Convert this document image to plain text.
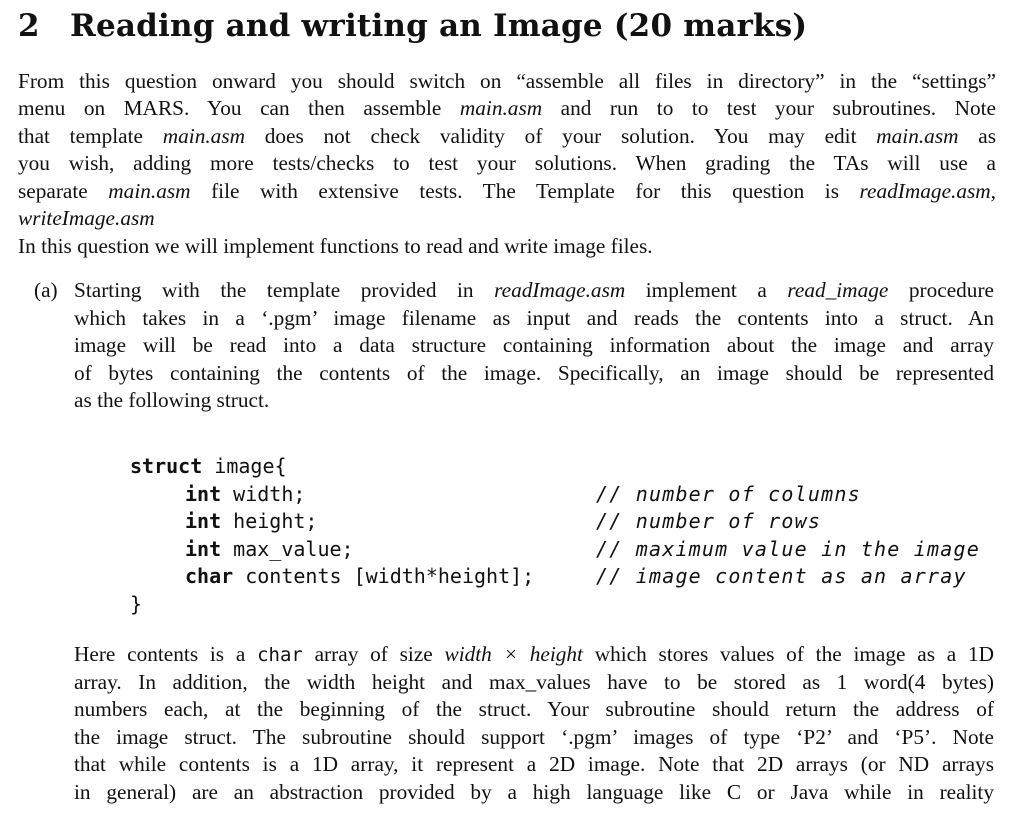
2 Reading and writing an Image (20 marks)
From this question onward you should switch on “assemble all files in directory” in the “settings”
menu on MARS. You can then assemble main.asm and run to to test your subroutines. Note
that template main.asm does not check validity of your solution. You may edit main.asm as
you wish, adding more tests/checks to test your solutions. When grading the TAs will use a
separate main.asm file with extensive tests. The Template for this question is readImage.asm,
writeImage.asm
In this question we will implement functions to read and write image files.
(a) Starting with the template provided in readImage.asm implement a read_image procedure
which takes in a ‘.pgm’ image filename as input and reads the contents into a struct. An
image will be read into a data structure containing information about the image and array
of bytes containing the contents of the image. Specifically, an image should be represented
as the following struct.
struct image{
int width;	// number of columns
int height;	// number of rows
int max_value;	// maximum value in the image
char contents [width*height];	// image content as an array
}
Here contents is a char array of size width × height which stores values of the image as a 1D
array. In addition, the width height and max_values have to be stored as 1 word(4 bytes)
numbers each, at the beginning of the struct. Your subroutine should return the address of
the image struct. The subroutine should support ‘.pgm’ images of type ‘P2’ and ‘P5’. Note
that while contents is a 1D array, it represent a 2D image. Note that 2D arrays (or ND arrays
in general) are an abstraction provided by a high language like C or Java while in reality
